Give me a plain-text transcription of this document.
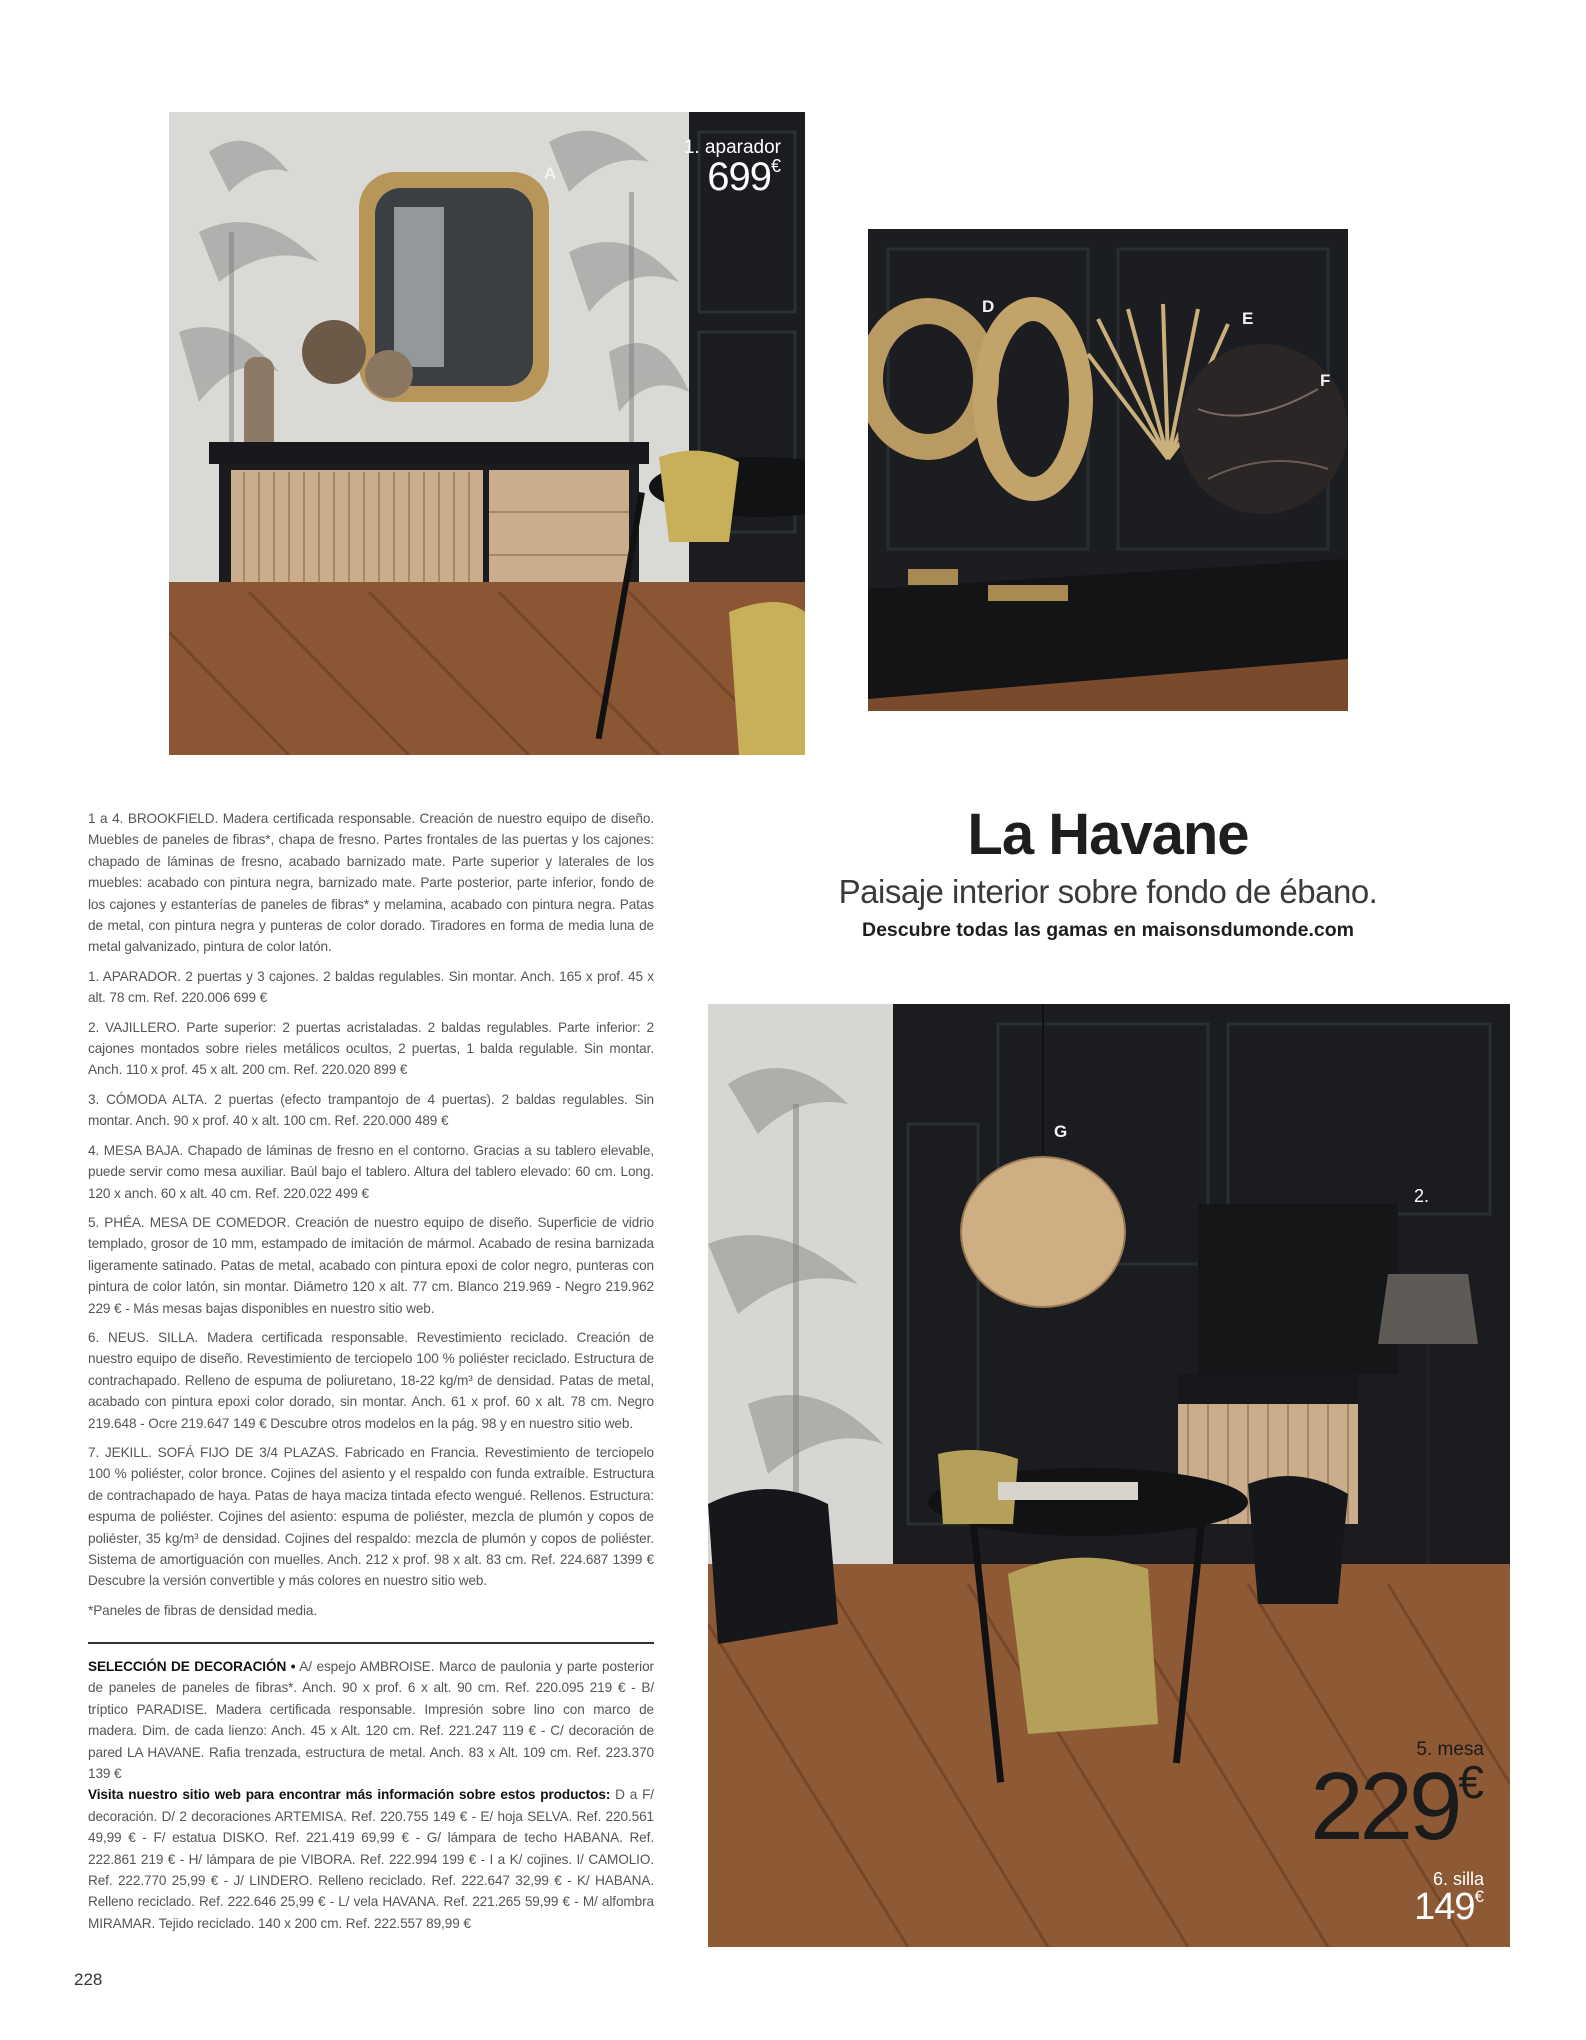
A
1. aparador
699€
D
E
F

1 a 4. BROOKFIELD. Madera certificada responsable. Creación de nuestro equipo de diseño. Muebles de paneles de fibras*, chapa de fresno. Partes frontales de las puertas y los cajones: chapado de láminas de fresno, acabado barnizado mate. Parte superior y laterales de los muebles: acabado con pintura negra, barnizado mate. Parte posterior, parte inferior, fondo de los cajones y estanterías de paneles de fibras* y melamina, acabado con pintura negra. Patas de metal, con pintura negra y punteras de color dorado. Tiradores en forma de media luna de metal galvanizado, pintura de color latón.

1. APARADOR. 2 puertas y 3 cajones. 2 baldas regulables. Sin montar. Anch. 165 x prof. 45 x alt. 78 cm. Ref. 220.006 699 €

2. VAJILLERO. Parte superior: 2 puertas acristaladas. 2 baldas regulables. Parte inferior: 2 cajones montados sobre rieles metálicos ocultos, 2 puertas, 1 balda regulable. Sin montar. Anch. 110 x prof. 45 x alt. 200 cm. Ref. 220.020 899 €

3. CÓMODA ALTA. 2 puertas (efecto trampantojo de 4 puertas). 2 baldas regulables. Sin montar. Anch. 90 x prof. 40 x alt. 100 cm. Ref. 220.000 489 €

4. MESA BAJA. Chapado de láminas de fresno en el contorno. Gracias a su tablero elevable, puede servir como mesa auxiliar. Baúl bajo el tablero. Altura del tablero elevado: 60 cm. Long. 120 x anch. 60 x alt. 40 cm. Ref. 220.022 499 €

5. PHÉA. MESA DE COMEDOR. Creación de nuestro equipo de diseño. Superficie de vidrio templado, grosor de 10 mm, estampado de imitación de mármol. Acabado de resina barnizada ligeramente satinado. Patas de metal, acabado con pintura epoxi de color negro, punteras con pintura de color latón, sin montar. Diámetro 120 x alt. 77 cm. Blanco 219.969 - Negro 219.962 229 € - Más mesas bajas disponibles en nuestro sitio web.

6. NEUS. SILLA. Madera certificada responsable. Revestimiento reciclado. Creación de nuestro equipo de diseño. Revestimiento de terciopelo 100 % poliéster reciclado. Estructura de contrachapado. Relleno de espuma de poliuretano, 18-22 kg/m³ de densidad. Patas de metal, acabado con pintura epoxi color dorado, sin montar. Anch. 61 x prof. 60 x alt. 78 cm. Negro 219.648 - Ocre 219.647 149 € Descubre otros modelos en la pág. 98 y en nuestro sitio web.

7. JEKILL. SOFÁ FIJO DE 3/4 PLAZAS. Fabricado en Francia. Revestimiento de terciopelo 100 % poliéster, color bronce. Cojines del asiento y el respaldo con funda extraíble. Estructura de contrachapado de haya. Patas de haya maciza tintada efecto wengué. Rellenos. Estructura: espuma de poliéster. Cojines del asiento: espuma de poliéster, mezcla de plumón y copos de poliéster, 35 kg/m³ de densidad. Cojines del respaldo: mezcla de plumón y copos de poliéster. Sistema de amortiguación con muelles. Anch. 212 x prof. 98 x alt. 83 cm. Ref. 224.687 1399 € Descubre la versión convertible y más colores en nuestro sitio web.

*Paneles de fibras de densidad media.

SELECCIÓN DE DECORACIÓN • A/ espejo AMBROISE. Marco de paulonia y parte posterior de paneles de paneles de fibras*. Anch. 90 x prof. 6 x alt. 90 cm. Ref. 220.095 219 € - B/ tríptico PARADISE. Madera certificada responsable. Impresión sobre lino con marco de madera. Dim. de cada lienzo: Anch. 45 x Alt. 120 cm. Ref. 221.247 119 € - C/ decoración de pared LA HAVANE. Rafia trenzada, estructura de metal. Anch. 83 x Alt. 109 cm. Ref. 223.370 139 €

Visita nuestro sitio web para encontrar más información sobre estos productos: D a F/ decoración. D/ 2 decoraciones ARTEMISA. Ref. 220.755 149 € - E/ hoja SELVA. Ref. 220.561 49,99 € - F/ estatua DISKO. Ref. 221.419 69,99 € - G/ lámpara de techo HABANA. Ref. 222.861 219 € - H/ lámpara de pie VIBORA. Ref. 222.994 199 € - I a K/ cojines. I/ CAMOLIO. Ref. 222.770 25,99 € - J/ LINDERO. Relleno reciclado. Ref. 222.647 32,99 € - K/ HABANA. Relleno reciclado. Ref. 222.646 25,99 € - L/ vela HAVANA. Ref. 221.265 59,99 € - M/ alfombra MIRAMAR. Tejido reciclado. 140 x 200 cm. Ref. 222.557 89,99 €

La Havane
Paisaje interior sobre fondo de ébano.
Descubre todas las gamas en maisonsdumonde.com
G
2.
5. mesa
229€
6. silla
149€
228
